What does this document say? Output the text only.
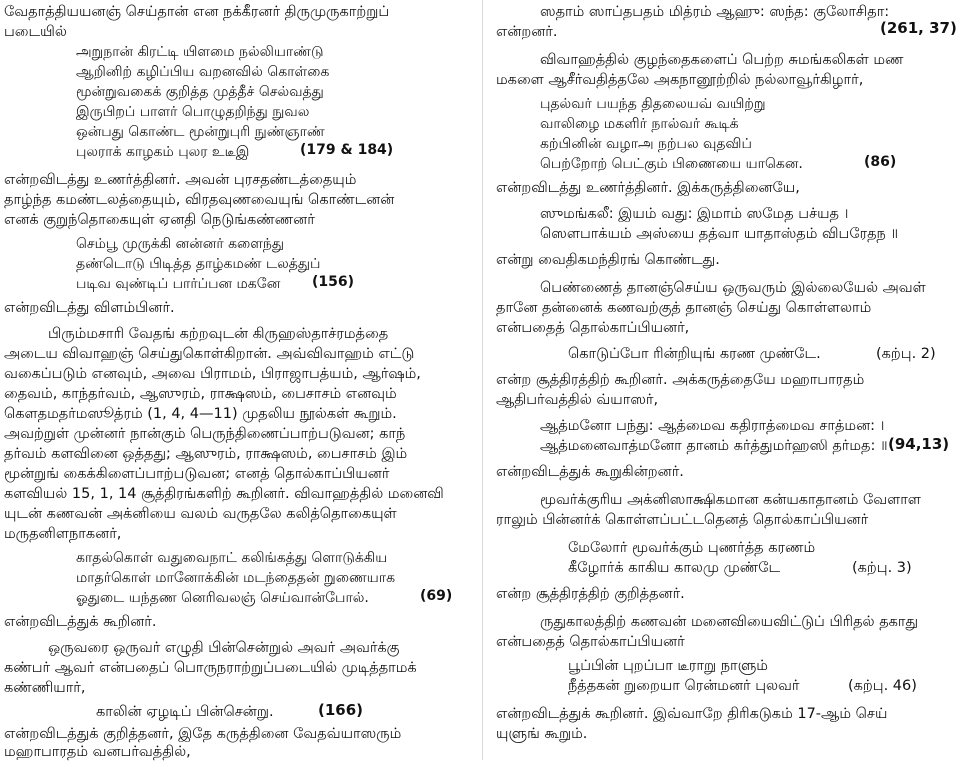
வேதாத்தியயனஞ் செய்தான் என நக்கீரனர் திருமுருகாற்றுப்
படையில்
அறுநான் கிரட்டி யிளமை நல்லியாண்டு
ஆறினிற் கழிப்பிய வறனவில் கொள்கை
மூன்றுவகைக் குறித்த முத்தீச் செல்வத்து
இருபிறப் பாளர் பொழுதறிந்து நுவல
ஒன்பது கொண்ட மூன்றுபுரி நுண்ஞாண்
புலராக் காழகம் புலர உடீஇ	(179 & 184)
என்றவிடத்து உணர்த்தினர். அவன் புரசதண்டத்தையும்
தாழ்ந்த கமண்டலத்தையும், விரதவுணவையுங் கொண்டனன்
எனக் குறுந்தொகையுள் ஏனதி நெடுங்கண்ணனர்
செம்பூ முருக்கி னன்னர் களைந்து
தண்டொடு பிடித்த தாழ்கமண் டலத்துப்
படிவ வுண்டிப் பார்ப்பன மகனே (156)
என்றவிடத்து விளம்பினர்.
பிரும்மசாரி வேதங் கற்றவுடன் கிருஹஸ்தாச்ரமத்தை
அடைய விவாஹஞ் செய்துகொள்கிறான். அவ்விவாஹம் எட்டு
வகைப்படும் எனவும், அவை பிராமம், பிராஜாபத்யம், ஆர்ஷம்,
தைவம், காந்தர்வம், ஆஸுரம், ராக்ஷஸம், பைசாசம் எனவும்
கௌதமதர்மஸூத்ரம் (1, 4, 4—11) முதலிய நூல்கள் கூறும்.
அவற்றுள் முன்னர் நான்கும் பெருந்திணைப்பாற்படுவன; காந்
தர்வம் களவினை ஒத்தது; ஆஸுரம், ராக்ஷஸம், பைசாசம் இம்
மூன்றுங் கைக்கிளைப்பாற்படுவன; எனத் தொல்காப்பியனர்
களவியல் 15, 1, 14 சூத்திரங்களிற் கூறினர். விவாஹத்தில் மனைவி
யுடன் கணவன் அக்னியை வலம் வருதலே கலித்தொகையுள்
மருதனிளநாகனர்,
காதல்கொள் வதுவைநாட் கலிங்கத்து ளொடுக்கிய
மாதர்கொள் மானோக்கின் மடந்தைதன் றுணையாக
ஓதுடை யந்தண னெரிவலஞ் செய்வான்போல்.	(69)
என்றவிடத்துக் கூறினர்.
ஒருவரை ஒருவர் எழுதி பின்சென்றுல் அவர் அவர்க்கு
கண்பர் ஆவர் என்பதைப் பொருநராற்றுப்படையில் முடித்தாமக்
கண்ணியார்,
காலின் ஏழடிப் பின்சென்று.	(166)
என்றவிடத்துக் குறித்தனர், இதே கருத்தினை வேதவ்யாஸரும்
மஹாபாரதம் வனபர்வத்தில்,
ஸதாம் ஸாப்தபதம் மித்ரம் ஆஹு: ஸந்த: குலோசிதா:
(261, 37)
என்றனர்.
விவாஹத்தில் குழந்தைகளைப் பெற்ற சுமங்கலிகள் மண
மகளை ஆசீர்வதித்தலே அகநானூற்றில் நல்லாவூர்கிழார்,
புதல்வர் பயந்த திதலையவ் வயிற்று
வாலிழை மகளிர் நால்வர் கூடிக்
கற்பினின் வழாஅ நற்பல வுதவிப்
பெற்றோற் பெட்கும் பிணையை யாகென.	(86)
என்றவிடத்து உணர்த்தினர். இக்கருத்தினையே,
ஸுமங்கலீ: இயம் வது: இமாம் ஸமேத பச்யத ।
ஸௌபாக்யம் அஸ்யை தத்வா யாதாஸ்தம் விபரேதந ॥
என்று வைதிகமந்திரங் கொண்டது.
பெண்ணைத் தானஞ்செய்ய ஒருவரும் இல்லையேல் அவள்
தானே தன்னைக் கணவற்குத் தானஞ் செய்து கொள்ளலாம்
என்பதைத் தொல்காப்பியனர்,
கொடுப்போ ரின்றியுங் கரண முண்டே.	(கற்பு. 2)
என்ற சூத்திரத்திற் கூறினர். அக்கருத்தையே மஹாபாரதம்
ஆதிபர்வத்தில் வ்யாஸர்,
ஆத்மனோ பந்து: ஆத்மைவ கதிராத்மைவ சாத்மன: ।
ஆத்மனைவாத்மனோ தானம் கர்த்துமர்ஹஸி தர்மத: ॥ (94,13)
என்றவிடத்துக் கூறுகின்றனர்.
மூவர்க்குரிய அக்னிஸாக்ஷிகமான கன்யகாதானம் வேளாள
ராலும் பின்னர்க் கொள்ளப்பட்டதெனத் தொல்காப்பியனர்
மேலோர் மூவர்க்கும் புணர்த்த கரணம்
கீழோர்க் காகிய காலமு முண்டே	(கற்பு. 3)
என்ற சூத்திரத்திற் குறித்தனர்.
ருதுகாலத்திற் கணவன் மனைவியைவிட்டுப் பிரிதல் தகாது
என்பதைத் தொல்காப்பியனர்
பூப்பின் புறப்பா டீராறு நாளும்
நீத்தகன் றுறையா ரென்மனர் புலவர்	(கற்பு. 46)
என்றவிடத்துக் கூறினர். இவ்வாறே திரிகடுகம் 17-ஆம் செய்
யுளுங் கூறும்.
